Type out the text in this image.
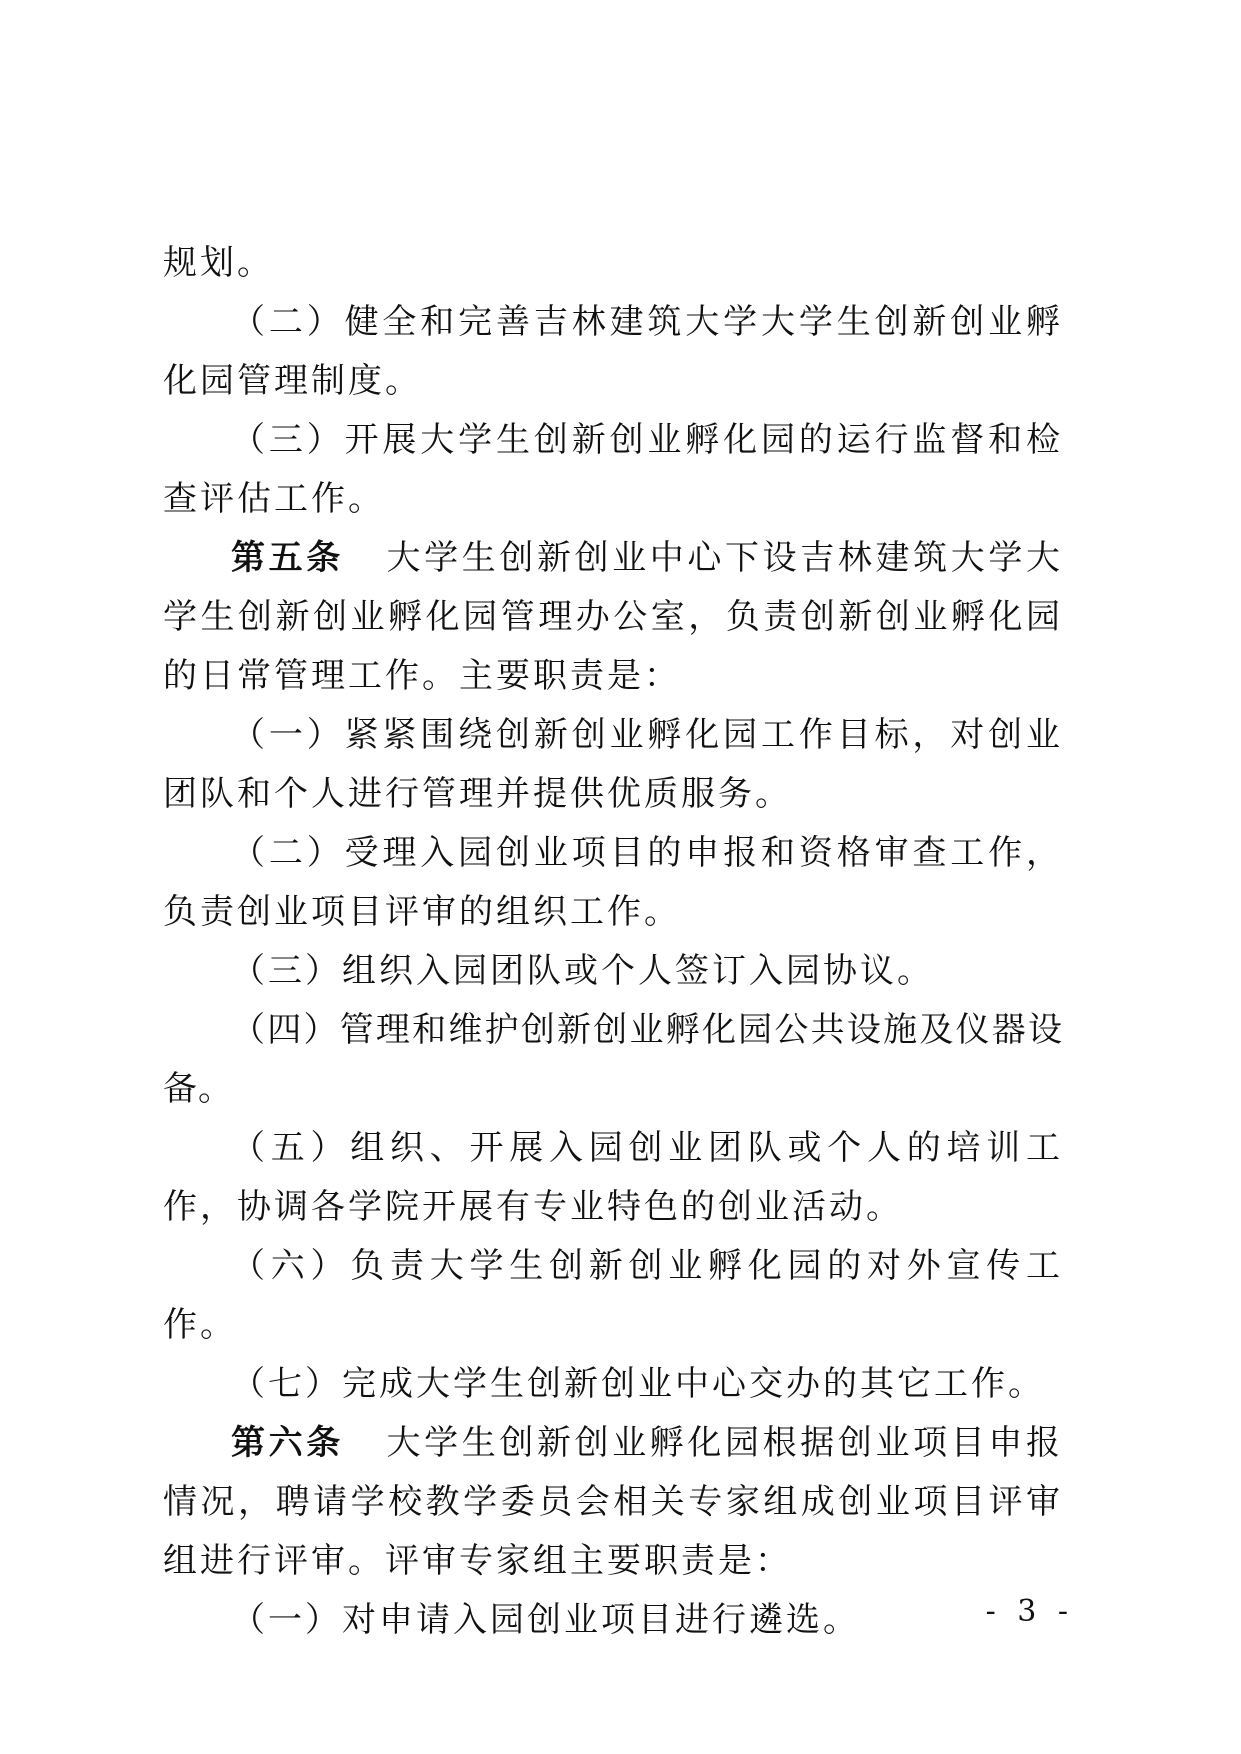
规划。

（二）健全和完善吉林建筑大学大学生创新创业孵化园管理制度。

（三）开展大学生创新创业孵化园的运行监督和检查评估工作。

第五条 大学生创新创业中心下设吉林建筑大学大学生创新创业孵化园管理办公室，负责创新创业孵化园的日常管理工作。主要职责是：

（一）紧紧围绕创新创业孵化园工作目标，对创业团队和个人进行管理并提供优质服务。

（二）受理入园创业项目的申报和资格审查工作，负责创业项目评审的组织工作。

（三）组织入园团队或个人签订入园协议。

（四）管理和维护创新创业孵化园公共设施及仪器设备。

（五）组织、开展入园创业团队或个人的培训工作，协调各学院开展有专业特色的创业活动。

（六）负责大学生创新创业孵化园的对外宣传工作。

（七）完成大学生创新创业中心交办的其它工作。

第六条 大学生创新创业孵化园根据创业项目申报情况，聘请学校教学委员会相关专家组成创业项目评审组进行评审。评审专家组主要职责是：

（一）对申请入园创业项目进行遴选。	- 3 -
